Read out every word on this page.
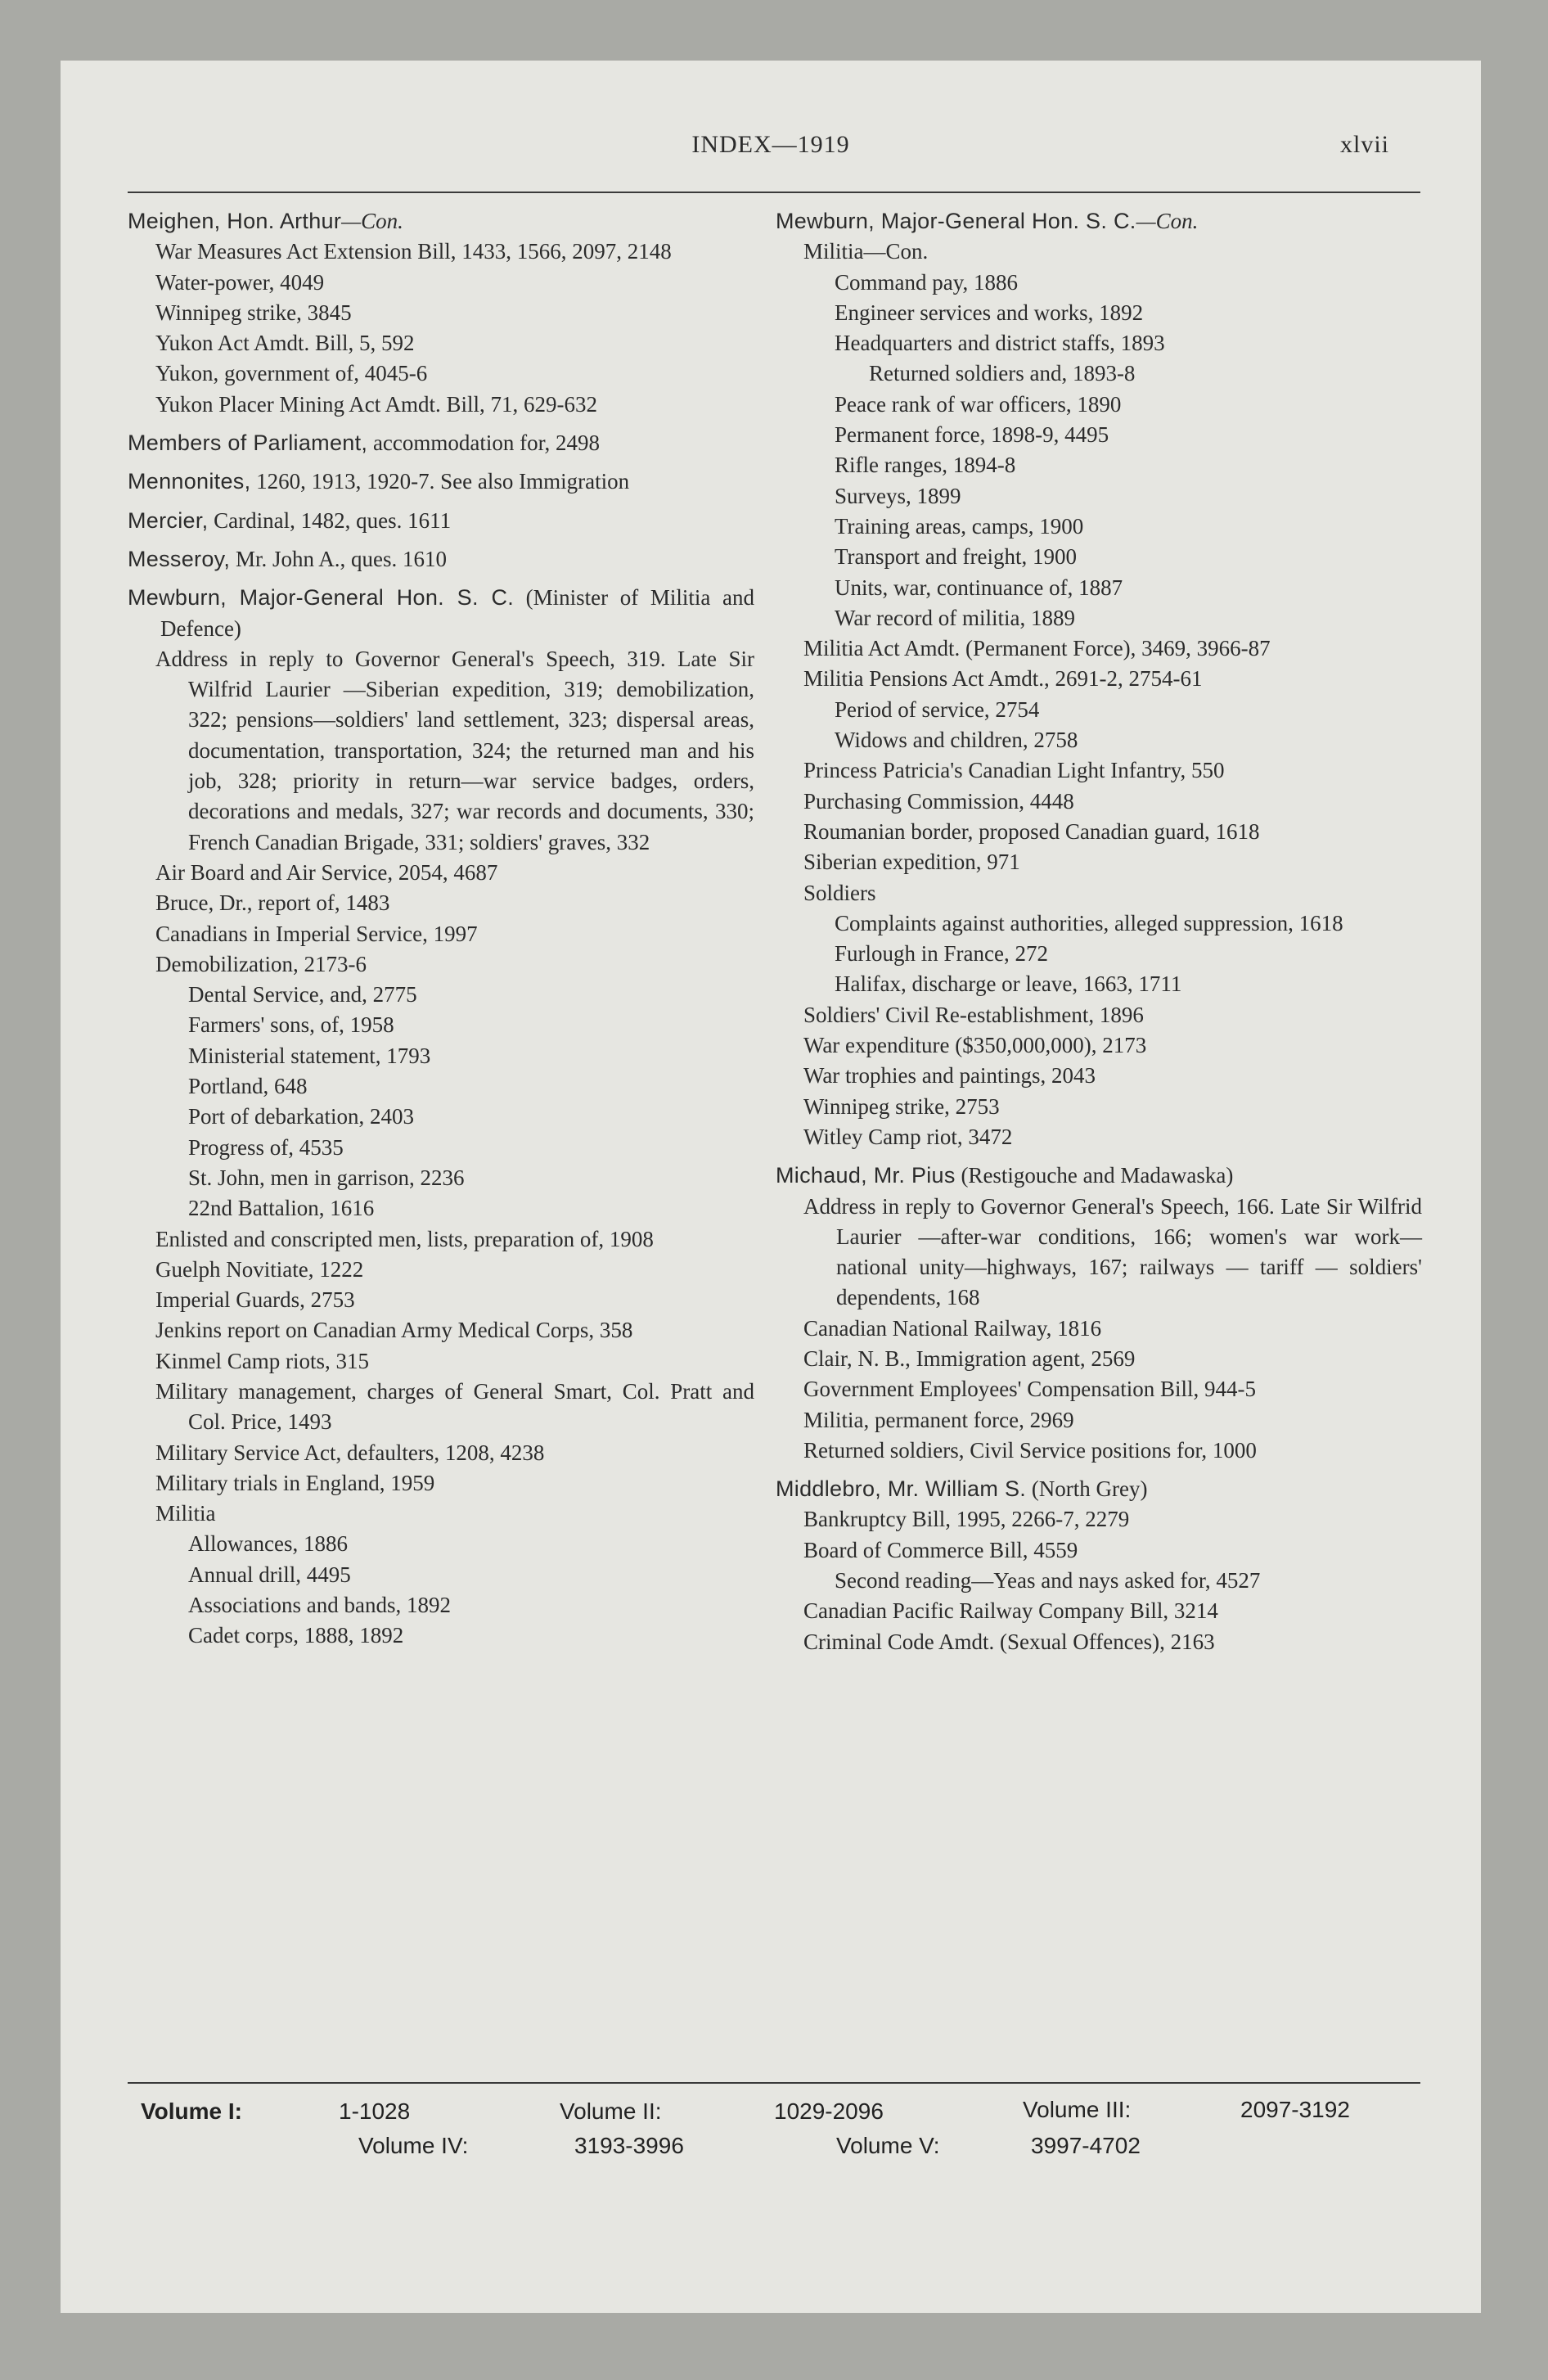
INDEX—1919	xlvii
Meighen, Hon. Arthur—Con.
War Measures Act Extension Bill, 1433, 1566, 2097, 2148
Water-power, 4049
Winnipeg strike, 3845
Yukon Act Amdt. Bill, 5, 592
Yukon, government of, 4045-6
Yukon Placer Mining Act Amdt. Bill, 71, 629-632
Members of Parliament, accommodation for, 2498
Mennonites, 1260, 1913, 1920-7. See also Immigration
Mercier, Cardinal, 1482, ques. 1611
Messeroy, Mr. John A., ques. 1610
Mewburn, Major-General Hon. S. C. (Minister of Militia and Defence)
Address in reply to Governor General's Speech, 319. Late Sir Wilfrid Laurier —Siberian expedition, 319; demobilization, 322; pensions—soldiers' land settlement, 323; dispersal areas, documentation, transportation, 324; the returned man and his job, 328; priority in return—war service badges, orders, decorations and medals, 327; war records and documents, 330; French Canadian Brigade, 331; soldiers' graves, 332
Air Board and Air Service, 2054, 4687
Bruce, Dr., report of, 1483
Canadians in Imperial Service, 1997
Demobilization, 2173-6
Dental Service, and, 2775
Farmers' sons, of, 1958
Ministerial statement, 1793
Portland, 648
Port of debarkation, 2403
Progress of, 4535
St. John, men in garrison, 2236
22nd Battalion, 1616
Enlisted and conscripted men, lists, preparation of, 1908
Guelph Novitiate, 1222
Imperial Guards, 2753
Jenkins report on Canadian Army Medical Corps, 358
Kinmel Camp riots, 315
Military management, charges of General Smart, Col. Pratt and Col. Price, 1493
Military Service Act, defaulters, 1208, 4238
Military trials in England, 1959
Militia
Allowances, 1886
Annual drill, 4495
Associations and bands, 1892
Cadet corps, 1888, 1892
Mewburn, Major-General Hon. S. C.—Con.
Militia—Con.
Command pay, 1886
Engineer services and works, 1892
Headquarters and district staffs, 1893
Returned soldiers and, 1893-8
Peace rank of war officers, 1890
Permanent force, 1898-9, 4495
Rifle ranges, 1894-8
Surveys, 1899
Training areas, camps, 1900
Transport and freight, 1900
Units, war, continuance of, 1887
War record of militia, 1889
Militia Act Amdt. (Permanent Force), 3469, 3966-87
Militia Pensions Act Amdt., 2691-2, 2754-61
Period of service, 2754
Widows and children, 2758
Princess Patricia's Canadian Light Infantry, 550
Purchasing Commission, 4448
Roumanian border, proposed Canadian guard, 1618
Siberian expedition, 971
Soldiers
Complaints against authorities, alleged suppression, 1618
Furlough in France, 272
Halifax, discharge or leave, 1663, 1711
Soldiers' Civil Re-establishment, 1896
War expenditure ($350,000,000), 2173
War trophies and paintings, 2043
Winnipeg strike, 2753
Witley Camp riot, 3472
Michaud, Mr. Pius (Restigouche and Madawaska)
Address in reply to Governor General's Speech, 166. Late Sir Wilfrid Laurier —after-war conditions, 166; women's war work—national unity—highways, 167; railways — tariff — soldiers' dependents, 168
Canadian National Railway, 1816
Clair, N. B., Immigration agent, 2569
Government Employees' Compensation Bill, 944-5
Militia, permanent force, 2969
Returned soldiers, Civil Service positions for, 1000
Middlebro, Mr. William S. (North Grey)
Bankruptcy Bill, 1995, 2266-7, 2279
Board of Commerce Bill, 4559
Second reading—Yeas and nays asked for, 4527
Canadian Pacific Railway Company Bill, 3214
Criminal Code Amdt. (Sexual Offences), 2163
Volume I:	1-1028	Volume II:	1029-2096	Volume III:	2097-3192
Volume IV:	3193-3996	Volume V:	3997-4702
